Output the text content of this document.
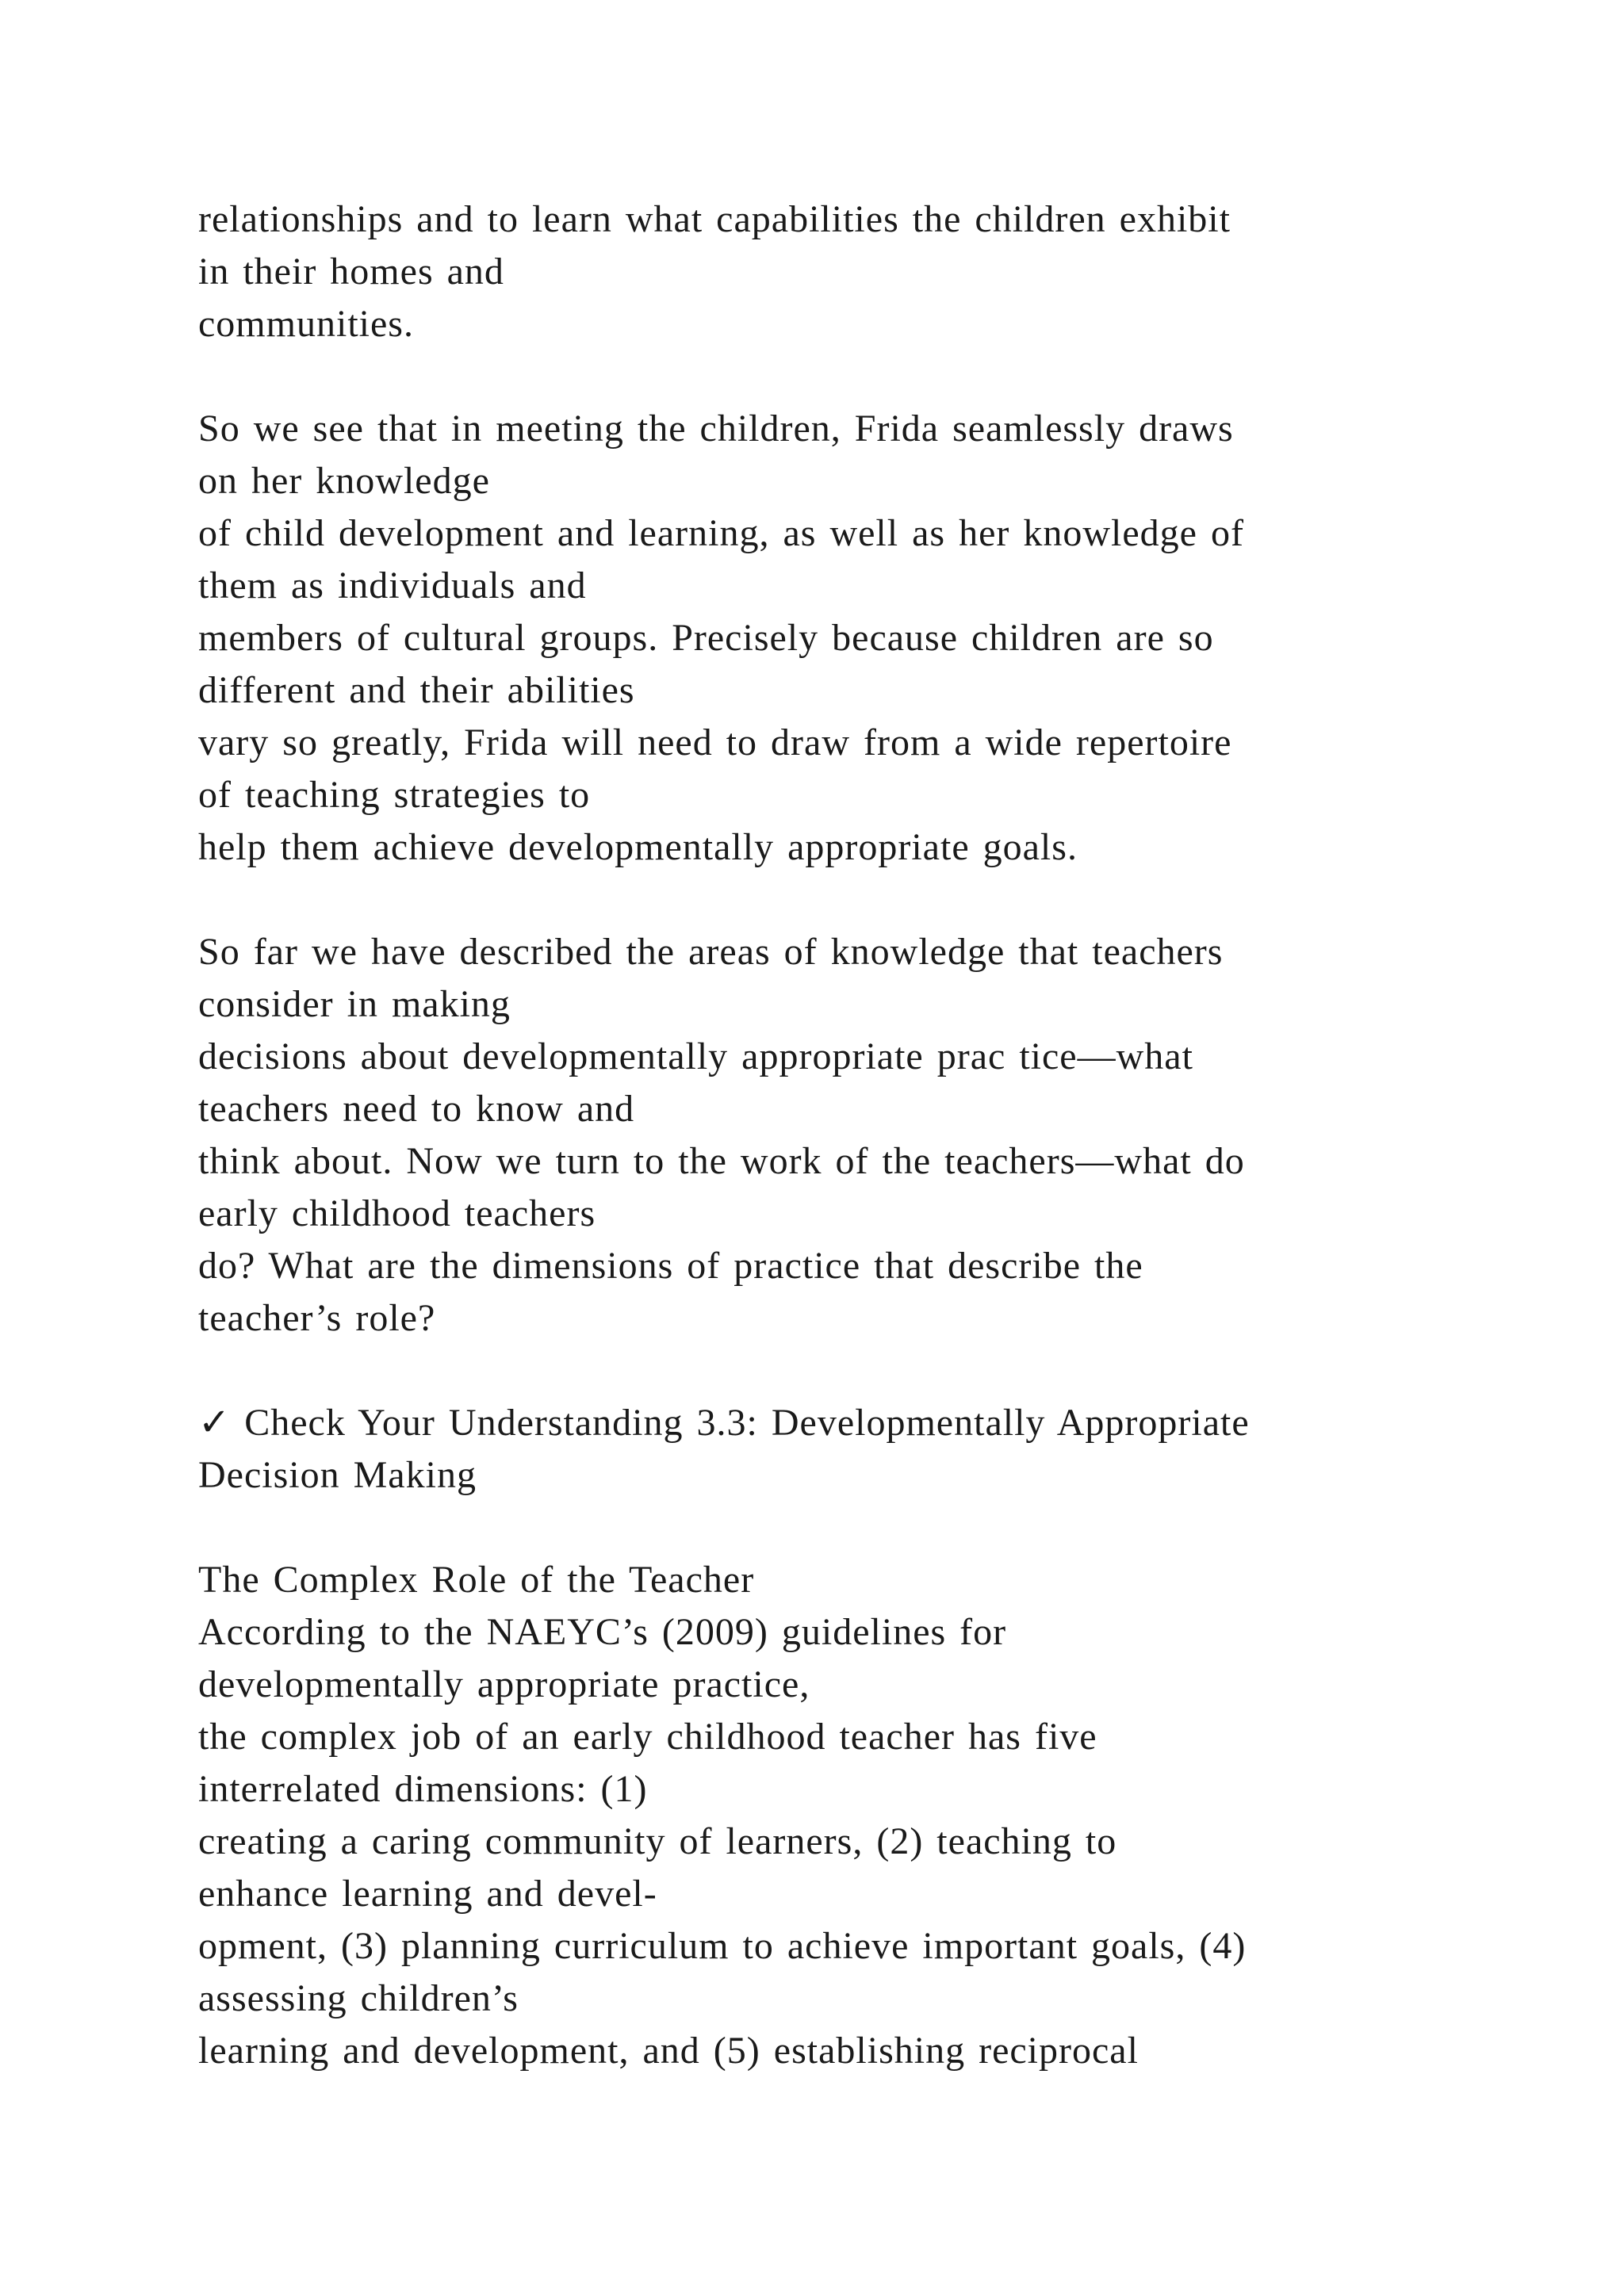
relationships and to learn what capabilities the children exhibit
in their homes and
communities.
So we see that in meeting the children, Frida seamlessly draws
on her knowledge
of child development and learning, as well as her knowledge of
them as individuals and
members of cultural groups. Precisely because children are so
different and their abilities
vary so greatly, Frida will need to draw from a wide repertoire
of teaching strategies to
help them achieve developmentally appropriate goals.
So far we have described the areas of knowledge that teachers
consider in making
decisions about developmentally appropriate prac tice—what
teachers need to know and
think about. Now we turn to the work of the teachers—what do
early childhood teachers
do? What are the dimensions of practice that describe the
teacher’s role?
✓ Check Your Understanding 3.3: Developmentally Appropriate
Decision Making
The Complex Role of the Teacher
According to the NAEYC’s (2009) guidelines for
developmentally appropriate practice,
the complex job of an early childhood teacher has five
interrelated dimensions: (1)
creating a caring community of learners, (2) teaching to
enhance learning and devel-
opment, (3) planning curriculum to achieve important goals, (4)
assessing children’s
learning and development, and (5) establishing reciprocal
